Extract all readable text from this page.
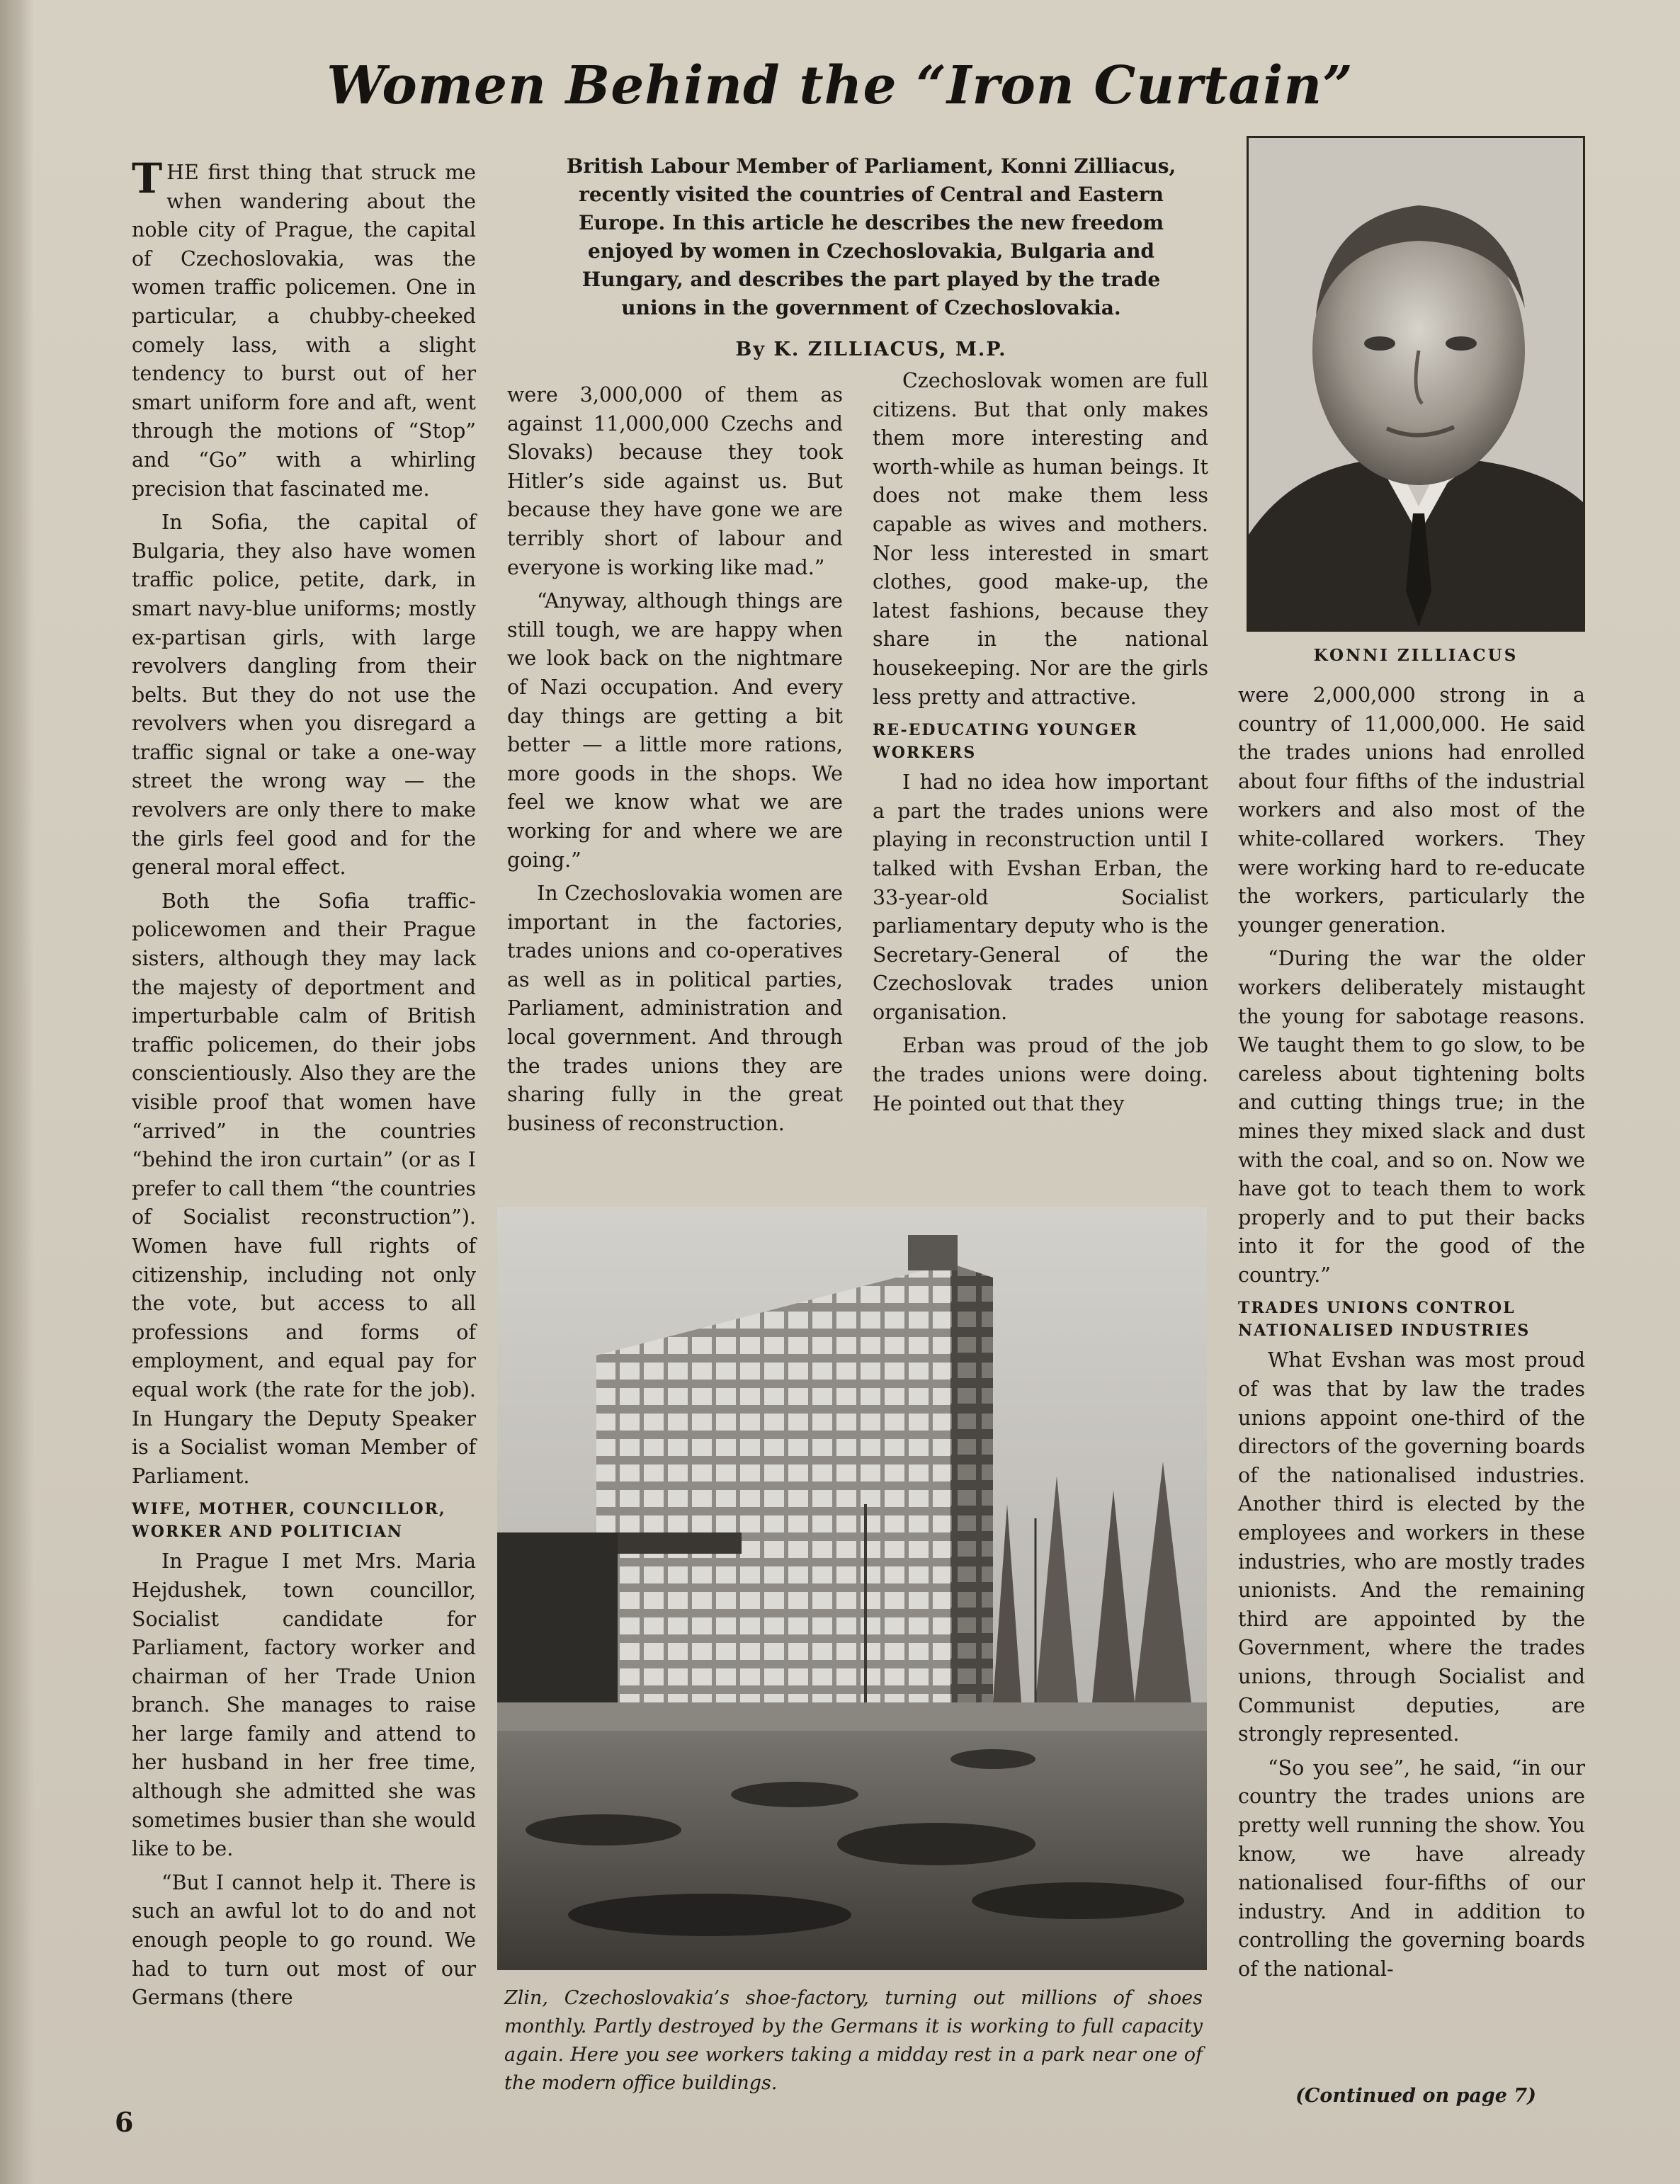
Women Behind the “Iron Curtain”

THE first thing that struck me when wandering about the noble city of Prague, the capital of Czechoslovakia, was the women traffic policemen. One in particular, a chubby-cheeked comely lass, with a slight tendency to burst out of her smart uniform fore and aft, went through the motions of “Stop” and “Go” with a whirling precision that fascinated me.

In Sofia, the capital of Bulgaria, they also have women traffic police, petite, dark, in smart navy-blue uniforms; mostly ex-partisan girls, with large revolvers dangling from their belts. But they do not use the revolvers when you disregard a traffic signal or take a one-way street the wrong way — the revolvers are only there to make the girls feel good and for the general moral effect.

Both the Sofia traffic-policewomen and their Prague sisters, although they may lack the majesty of deportment and imperturbable calm of British traffic policemen, do their jobs conscientiously. Also they are the visible proof that women have “arrived” in the countries “behind the iron curtain” (or as I prefer to call them “the countries of Socialist reconstruction”). Women have full rights of citizenship, including not only the vote, but access to all professions and forms of employment, and equal pay for equal work (the rate for the job). In Hungary the Deputy Speaker is a Socialist woman Member of Parliament.

WIFE, MOTHER, COUNCILLOR, WORKER AND POLITICIAN

In Prague I met Mrs. Maria Hejdushek, town councillor, Socialist candidate for Parliament, factory worker and chairman of her Trade Union branch. She manages to raise her large family and attend to her husband in her free time, although she admitted she was sometimes busier than she would like to be.

“But I cannot help it. There is such an awful lot to do and not enough people to go round. We had to turn out most of our Germans (there

British Labour Member of Parliament, Konni Zilliacus, recently visited the countries of Central and Eastern Europe. In this article he describes the new freedom enjoyed by women in Czechoslovakia, Bulgaria and Hungary, and describes the part played by the trade unions in the government of Czechoslovakia.

By K. ZILLIACUS, M.P.

were 3,000,000 of them as against 11,000,000 Czechs and Slovaks) because they took Hitler’s side against us. But because they have gone we are terribly short of labour and everyone is working like mad.”

“Anyway, although things are still tough, we are happy when we look back on the nightmare of Nazi occupation. And every day things are getting a bit better — a little more rations, more goods in the shops. We feel we know what we are working for and where we are going.”

In Czechoslovakia women are important in the factories, trades unions and co-operatives as well as in political parties, Parliament, administration and local government. And through the trades unions they are sharing fully in the great business of reconstruction.

Czechoslovak women are full citizens. But that only makes them more interesting and worth-while as human beings. It does not make them less capable as wives and mothers. Nor less interested in smart clothes, good make-up, the latest fashions, because they share in the national housekeeping. Nor are the girls less pretty and attractive.

RE-EDUCATING YOUNGER WORKERS

I had no idea how important a part the trades unions were playing in reconstruction until I talked with Evshan Erban, the 33-year-old Socialist parliamentary deputy who is the Secretary-General of the Czechoslovak trades union organisation.

Erban was proud of the job the trades unions were doing. He pointed out that they

KONNI ZILLIACUS

were 2,000,000 strong in a country of 11,000,000. He said the trades unions had enrolled about four fifths of the industrial workers and also most of the white-collared workers. They were working hard to re-educate the workers, particularly the younger generation.

“During the war the older workers deliberately mistaught the young for sabotage reasons. We taught them to go slow, to be careless about tightening bolts and cutting things true; in the mines they mixed slack and dust with the coal, and so on. Now we have got to teach them to work properly and to put their backs into it for the good of the country.”

TRADES UNIONS CONTROL NATIONALISED INDUSTRIES

What Evshan was most proud of was that by law the trades unions appoint one-third of the directors of the governing boards of the nationalised industries. Another third is elected by the employees and workers in these industries, who are mostly trades unionists. And the remaining third are appointed by the Government, where the trades unions, through Socialist and Communist deputies, are strongly represented.

“So you see”, he said, “in our country the trades unions are pretty well running the show. You know, we have already nationalised four-fifths of our industry. And in addition to controlling the governing boards of the national-

(Continued on page 7)

Zlin, Czechoslovakia’s shoe-factory, turning out millions of shoes monthly. Partly destroyed by the Germans it is working to full capacity again. Here you see workers taking a midday rest in a park near one of the modern office buildings.

6
